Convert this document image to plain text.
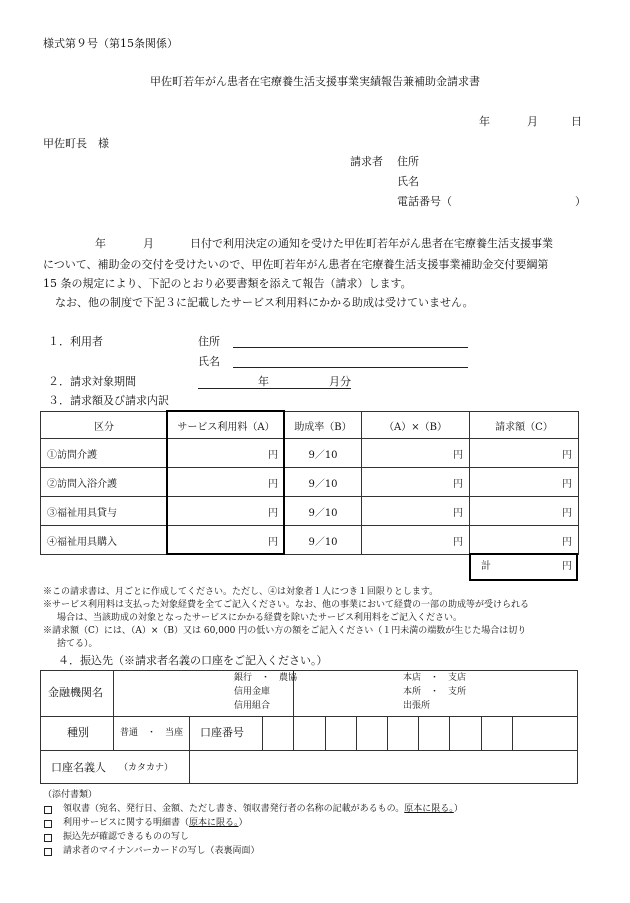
様式第９号（第15条関係）
甲佐町若年がん患者在宅療養生活支援事業実績報告兼補助金請求書
年	月	日
甲佐町長　様
請求者 住所
氏名
電話番号（	）
年	月	日付で利用決定の通知を受けた甲佐町若年がん患者在宅療養生活支援事業
について、補助金の交付を受けたいので、甲佐町若年がん患者在宅療養生活支援事業補助金交付要綱第
15 条の規定により、下記のとおり必要書類を添えて報告（請求）します。
なお、他の制度で下記３に記載したサービス利用料にかかる助成は受けていません。
１．利用者	住所
氏名
２．請求対象期間	年	月分
３．請求額及び請求内訳
区分	サービス利用料（A）	助成率（B）	（A）×（B）	請求額（C）
①訪問介護	円	9／10	円	円
②訪問入浴介護	円	9／10	円	円
③福祉用具貸与	円	9／10	円	円
④福祉用具購入	円	9／10	円	円
計	円
※この請求書は、月ごとに作成してください。ただし、④は対象者１人につき１回限りとします。
※サービス利用料は支払った対象経費を全てご記入ください。なお、他の事業において経費の一部の助成等が受けられる
場合は、当該助成の対象となったサービスにかかる経費を除いたサービス利用料をご記入ください。
※請求額（C）には、（A）×（B）又は 60,000 円の低い方の額をご記入ください（１円未満の端数が生じた場合は切り
捨てる）。
４．振込先（※請求者名義の口座をご記入ください。）
金融機関名
銀行　・　農協
信用金庫
信用組合
本店　・　支店
本所　・　支所
出張所
種別	普通　・　当座 口座番号
口座名義人 （カタカナ）
（添付書類）
領収書（宛名、発行日、金額、ただし書き、領収書発行者の名称の記載があるもの。原本に限る。）
利用サービスに関する明細書（原本に限る。）
振込先が確認できるものの写し
請求者のマイナンバーカードの写し（表裏両面）
